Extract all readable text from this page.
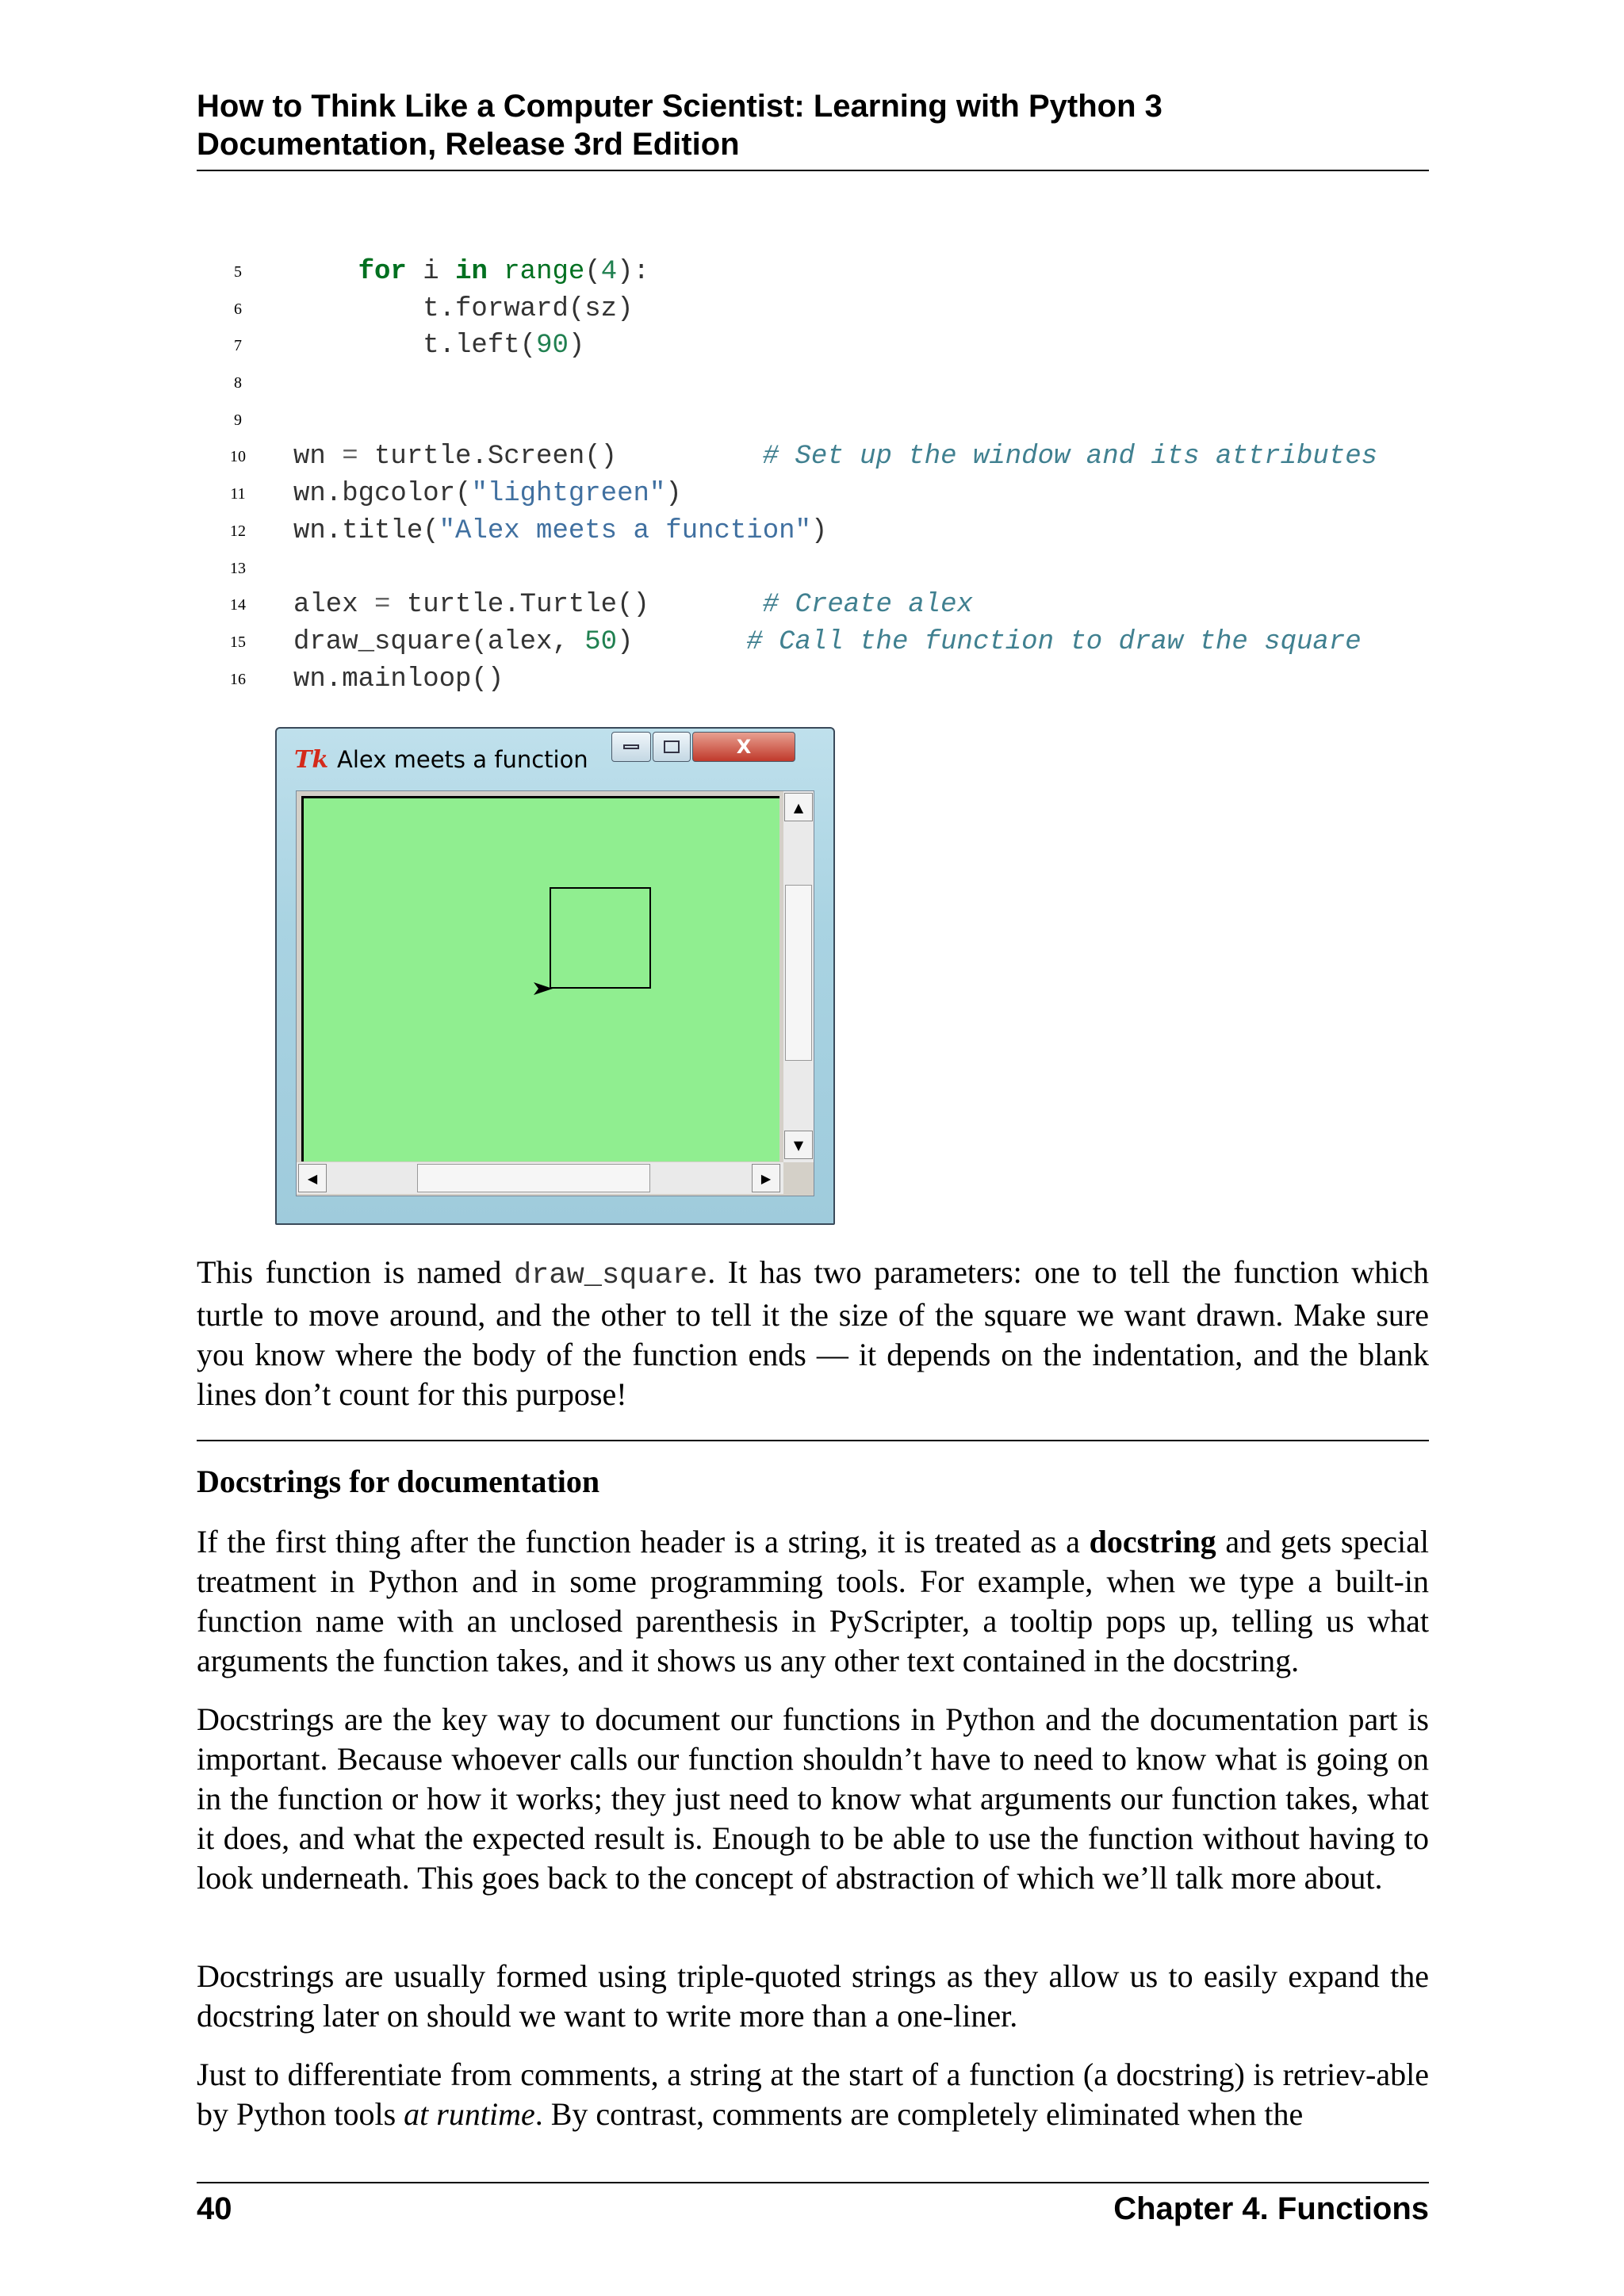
How to Think Like a Computer Scientist: Learning with Python 3
Documentation, Release 3rd Edition
5	for i in range(4):
6	t.forward(sz)
7	t.left(90)
8
9
10 wn = turtle.Screen()         # Set up the window and its attributes
11	wn.bgcolor("lightgreen")
12 wn.title("Alex meets a function")
13
14 alex = turtle.Turtle()       # Create alex
15 draw_square(alex, 50)       # Call the function to draw the square
16 wn.mainloop()
Tk Alex meets a function	X
▲
▼
◀	▶
This function is named draw_square. It has two parameters: one to tell the function which turtle to move around, and the other to tell it the size of the square we want drawn. Make sure you know where the body of the function ends — it depends on the indentation, and the blank lines don’t count for this purpose!
Docstrings for documentation
If the first thing after the function header is a string, it is treated as a docstring and gets special treatment in Python and in some programming tools. For example, when we type a built-in function name with an unclosed parenthesis in PyScripter, a tooltip pops up, telling us what arguments the function takes, and it shows us any other text contained in the docstring.
Docstrings are the key way to document our functions in Python and the documentation part is important. Because whoever calls our function shouldn’t have to need to know what is going on in the function or how it works; they just need to know what arguments our function takes, what it does, and what the expected result is. Enough to be able to use the function without having to look underneath. This goes back to the concept of abstraction of which we’ll talk more about.
Docstrings are usually formed using triple-quoted strings as they allow us to easily expand the docstring later on should we want to write more than a one-liner.
Just to differentiate from comments, a string at the start of a function (a docstring) is retriev-able by Python tools at runtime. By contrast, comments are completely eliminated when the
40	Chapter 4. Functions
